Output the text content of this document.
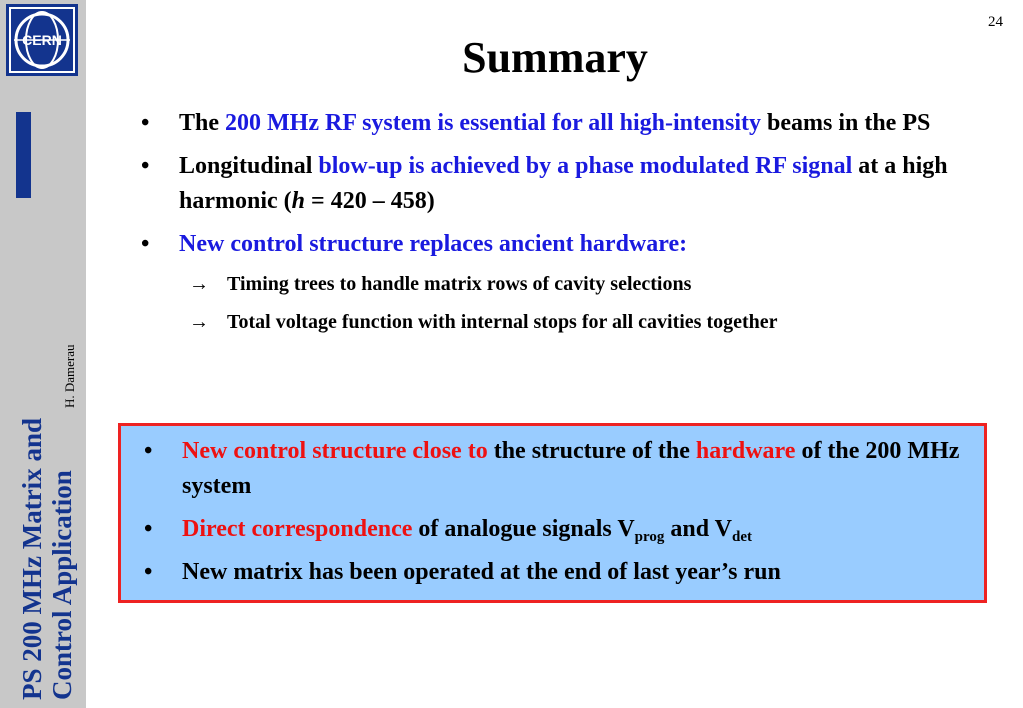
CERN
PS 200 MHz Matrix and Control Application
H. Damerau
24
Summary
• The 200 MHz RF system is essential for all high-intensity beams in the PS
• Longitudinal blow-up is achieved by a phase modulated RF signal at a high harmonic (h = 420 – 458)
• New control structure replaces ancient hardware:
→ Timing trees to handle matrix rows of cavity selections
→ Total voltage function with internal stops for all cavities together
• New control structure close to the structure of the hardware of the 200 MHz system
• Direct correspondence of analogue signals $V_{prog}$ and $V_{det}$
• New matrix has been operated at the end of last year’s run
